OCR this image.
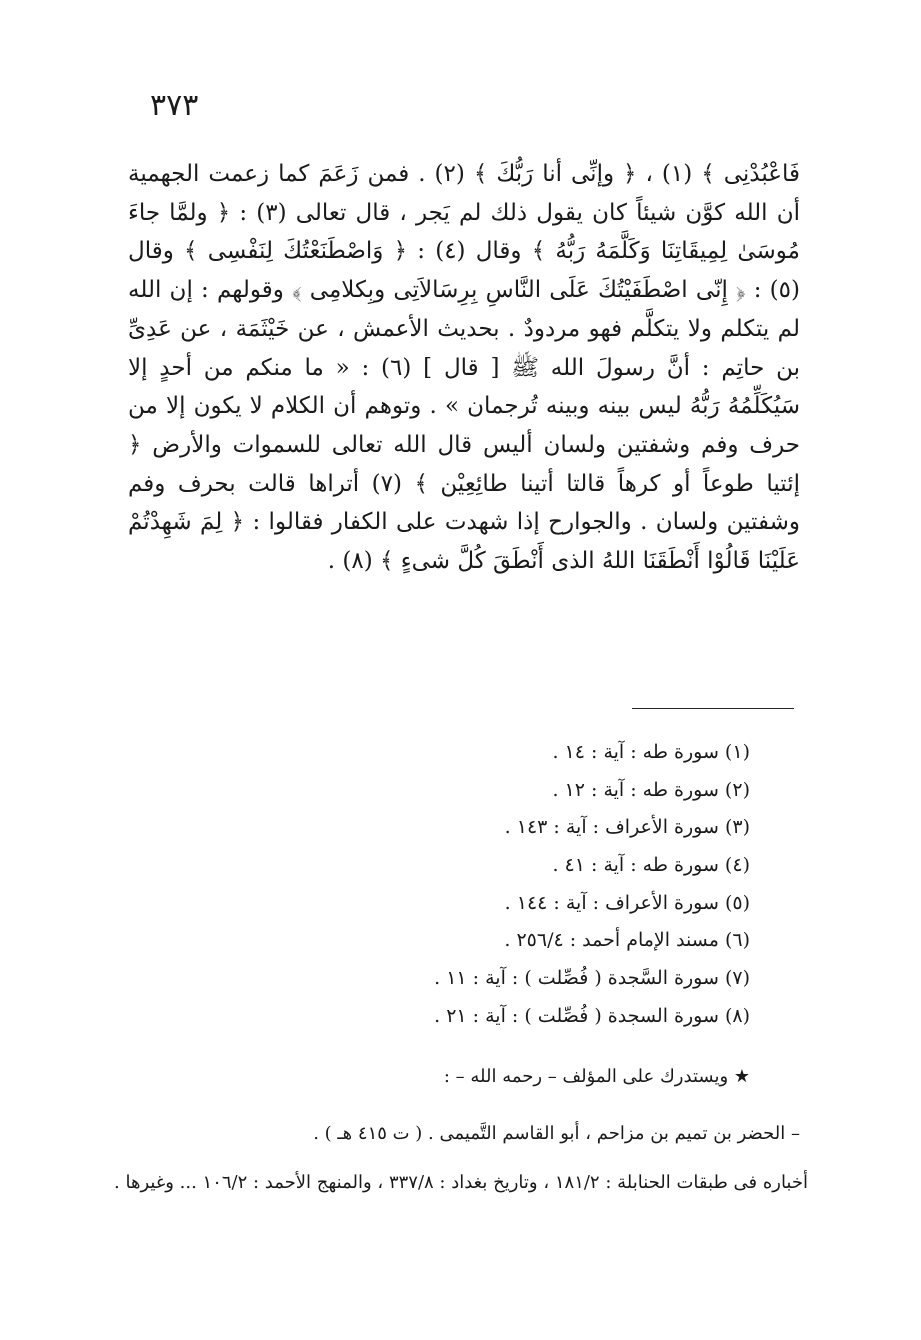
٣٧٣

فَاعْبُدْنِى ﴾ (١) ، ﴿ وإنِّى أنا رَبُّكَ ﴾ (٢) . فمن زَعَمَ كما زعمت الجهمية أن الله كوَّن شيئاً كان يقول ذلك لم يَجر ، قال تعالى (٣) : ﴿ ولمَّا جاءَ مُوسَىٰ لِمِيقَاتِنَا وَكَلَّمَهُ رَبُّهُ ﴾ وقال (٤) : ﴿ وَاصْطَنَعْتُكَ لِنَفْسِى ﴾ وقال (٥) : ﴿ إِنّى اصْطَفَيْتُكَ عَلَى النَّاسِ بِرِسَالاَتِى وبِكلامِى ﴾ وقولهم : إن الله لم يتكلم ولا يتكلَّم فهو مردودٌ . بحديث الأعمش ، عن خَيْثَمَة ، عن عَدِىِّ بن حاتِم : أنَّ رسولَ الله ﷺ [ قال ] (٦) : « ما منكم من أحدٍ إلا سَيُكَلِّمُهُ رَبُّهُ ليس بينه وبينه تُرجمان » . وتوهم أن الكلام لا يكون إلا من حرف وفم وشفتين ولسان أليس قال الله تعالى للسموات والأرض ﴿ إئتيا طوعاً أو كرهاً قالتا أتينا طائِعِيْن ﴾ (٧) أتراها قالت بحرف وفم وشفتين ولسان . والجوارح إذا شهدت على الكفار فقالوا : ﴿ لِمَ شَهِدْتُمْ عَلَيْنَا قَالُوْا أَنْطَقَنَا اللهُ الذى أَنْطَقَ كُلَّ شىءٍ ﴾ (٨) .

(١) سورة طه : آية : ١٤ .
(٢) سورة طه : آية : ١٢ .
(٣) سورة الأعراف : آية : ١٤٣ .
(٤) سورة طه : آية : ٤١ .
(٥) سورة الأعراف : آية : ١٤٤ .
(٦) مسند الإمام أحمد : ٢٥٦/٤ .
(٧) سورة السَّجدة ( فُصِّلت ) : آية : ١١ .
(٨) سورة السجدة ( فُصِّلت ) : آية : ٢١ .
★ ويستدرك على المؤلف – رحمه الله – :
– الحضر بن تميم بن مزاحم ، أبو القاسم التَّميمى . ( ت ٤١٥ هـ ) .
أخباره فى طبقات الحنابلة : ١٨١/٢ ، وتاريخ بغداد : ٣٣٧/٨ ، والمنهج الأحمد : ١٠٦/٢ ... وغيرها .
